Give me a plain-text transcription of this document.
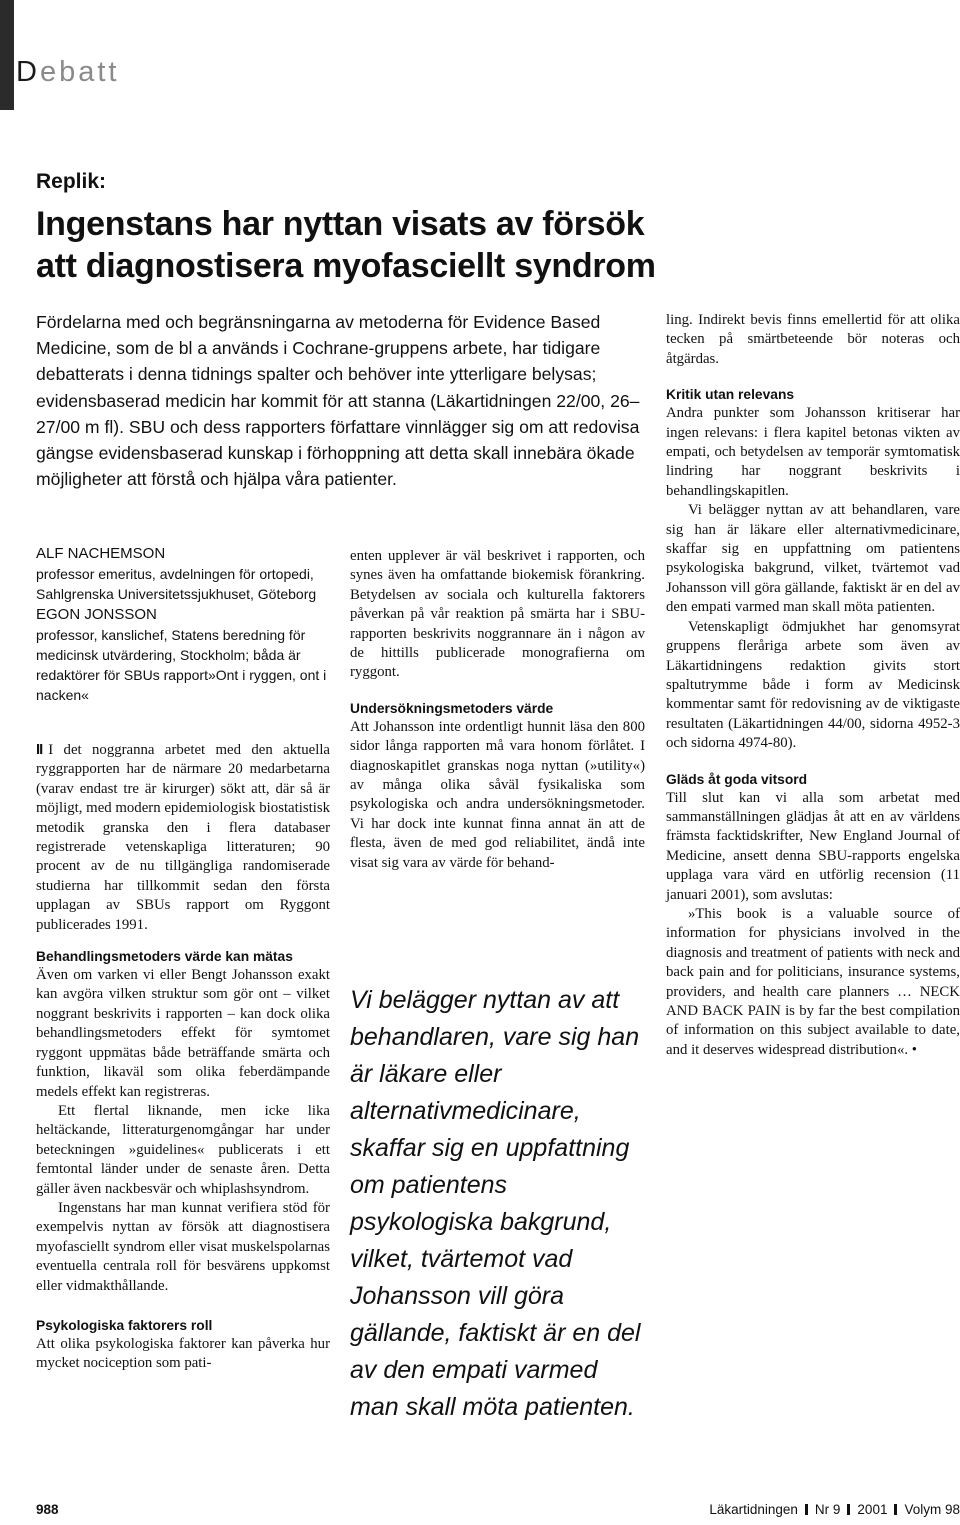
Debatt
Replik:
Ingenstans har nyttan visats av försök
att diagnostisera myofasciellt syndrom

Fördelarna med och begränsningarna av metoderna för Evidence Based Medicine, som de bl a används i Cochrane-gruppens arbete, har tidigare debatterats i denna tidnings spalter och behöver inte ytterligare belysas; evidensbaserad medicin har kommit för att stanna (Läkartidningen 22/00, 26–27/00 m fl). SBU och dess rapporters författare vinnlägger sig om att redovisa gängse evidensbaserad kunskap i förhoppning att detta skall innebära ökade möjligheter att förstå och hjälpa våra patienter.

ALF NACHEMSON
professor emeritus, avdelningen för ortopedi, Sahlgrenska Universitetssjukhuset, Göteborg
EGON JONSSON
professor, kanslichef, Statens beredning för medicinsk utvärdering, Stockholm; båda är redaktörer för SBUs rapport»Ont i ryggen, ont i nacken«

II I det noggranna arbetet med den aktuella ryggrapporten har de närmare 20 medarbetarna (varav endast tre är kirurger) sökt att, där så är möjligt, med modern epidemiologisk biostatistisk metodik granska den i flera databaser registrerade vetenskapliga litteraturen; 90 procent av de nu tillgängliga randomiserade studierna har tillkommit sedan den första upplagan av SBUs rapport om Ryggont publicerades 1991.

Behandlingsmetoders värde kan mätas

Även om varken vi eller Bengt Johansson exakt kan avgöra vilken struktur som gör ont – vilket noggrant beskrivits i rapporten – kan dock olika behandlingsmetoders effekt för symtomet ryggont uppmätas både beträffande smärta och funktion, likaväl som olika feberdämpande medels effekt kan registreras.

Ett flertal liknande, men icke lika heltäckande, litteraturgenomgångar har under beteckningen »guidelines« publicerats i ett femtontal länder under de senaste åren. Detta gäller även nackbesvär och whiplashsyndrom.

Ingenstans har man kunnat verifiera stöd för exempelvis nyttan av försök att diagnostisera myofasciellt syndrom eller visat muskelspolarnas eventuella centrala roll för besvärens uppkomst eller vidmakthållande.

Psykologiska faktorers roll

Att olika psykologiska faktorer kan påverka hur mycket nociception som pati-

enten upplever är väl beskrivet i rapporten, och synes även ha omfattande biokemisk förankring. Betydelsen av sociala och kulturella faktorers påverkan på vår reaktion på smärta har i SBU-rapporten beskrivits noggrannare än i någon av de hittills publicerade monografierna om ryggont.

Undersökningsmetoders värde

Att Johansson inte ordentligt hunnit läsa den 800 sidor långa rapporten må vara honom förlåtet. I diagnoskapitlet granskas noga nyttan (»utility«) av många olika såväl fysikaliska som psykologiska och andra undersökningsmetoder. Vi har dock inte kunnat finna annat än att de flesta, även de med god reliabilitet, ändå inte visat sig vara av värde för behand-

Vi belägger nyttan av att behandlaren, vare sig han är läkare eller alternativmedicinare, skaffar sig en uppfattning om patientens psykologiska bakgrund, vilket, tvärtemot vad Johansson vill göra gällande, faktiskt är en del av den empati varmed man skall möta patienten.

ling. Indirekt bevis finns emellertid för att olika tecken på smärtbeteende bör noteras och åtgärdas.

Kritik utan relevans

Andra punkter som Johansson kritiserar har ingen relevans: i flera kapitel betonas vikten av empati, och betydelsen av temporär symtomatisk lindring har noggrant beskrivits i behandlingskapitlen.

Vi belägger nyttan av att behandlaren, vare sig han är läkare eller alternativmedicinare, skaffar sig en uppfattning om patientens psykologiska bakgrund, vilket, tvärtemot vad Johansson vill göra gällande, faktiskt är en del av den empati varmed man skall möta patienten.

Vetenskapligt ödmjukhet har genomsyrat gruppens fleråriga arbete som även av Läkartidningens redaktion givits stort spaltutrymme både i form av Medicinsk kommentar samt för redovisning av de viktigaste resultaten (Läkartidningen 44/00, sidorna 4952-3 och sidorna 4974-80).

Gläds åt goda vitsord

Till slut kan vi alla som arbetat med sammanställningen glädjas åt att en av världens främsta facktidskrifter, New England Journal of Medicine, ansett denna SBU-rapports engelska upplaga vara värd en utförlig recension (11 januari 2001), som avslutas:

»This book is a valuable source of information for physicians involved in the diagnosis and treatment of patients with neck and back pain and for politicians, insurance systems, providers, and health care planners … NECK AND BACK PAIN is by far the best compilation of information on this subject available to date, and it deserves widespread distribution«. •

988	Läkartidningen Nr 9 2001 Volym 98
